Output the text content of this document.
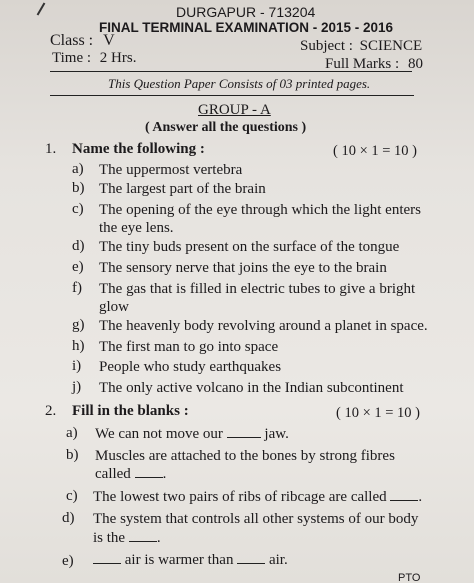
DURGAPUR - 713204
FINAL TERMINAL EXAMINATION - 2015 - 2016
Class : V
Time : 2 Hrs.
Subject : SCIENCE
Full Marks : 80
This Question Paper Consists of 03 printed pages.
GROUP - A
( Answer all the questions )
1. Name the following :	( 10 × 1 = 10 )
a) The uppermost vertebra
b) The largest part of the brain
c) The opening of the eye through which the light enters
the eye lens.
d) The tiny buds present on the surface of the tongue
e) The sensory nerve that joins the eye to the brain
f) The gas that is filled in electric tubes to give a bright
glow
g) The heavenly body revolving around a planet in space.
h) The first man to go into space
i) People who study earthquakes
j) The only active volcano in the Indian subcontinent
2. Fill in the blanks :	( 10 × 1 = 10 )
a) We can not move our	jaw.
b) Muscles are attached to the bones by strong fibres
called .
c) The lowest two pairs of ribs of ribcage are called .
d) The system that controls all other systems of our body
is the .
e)	air is warmer than air.
PTO
